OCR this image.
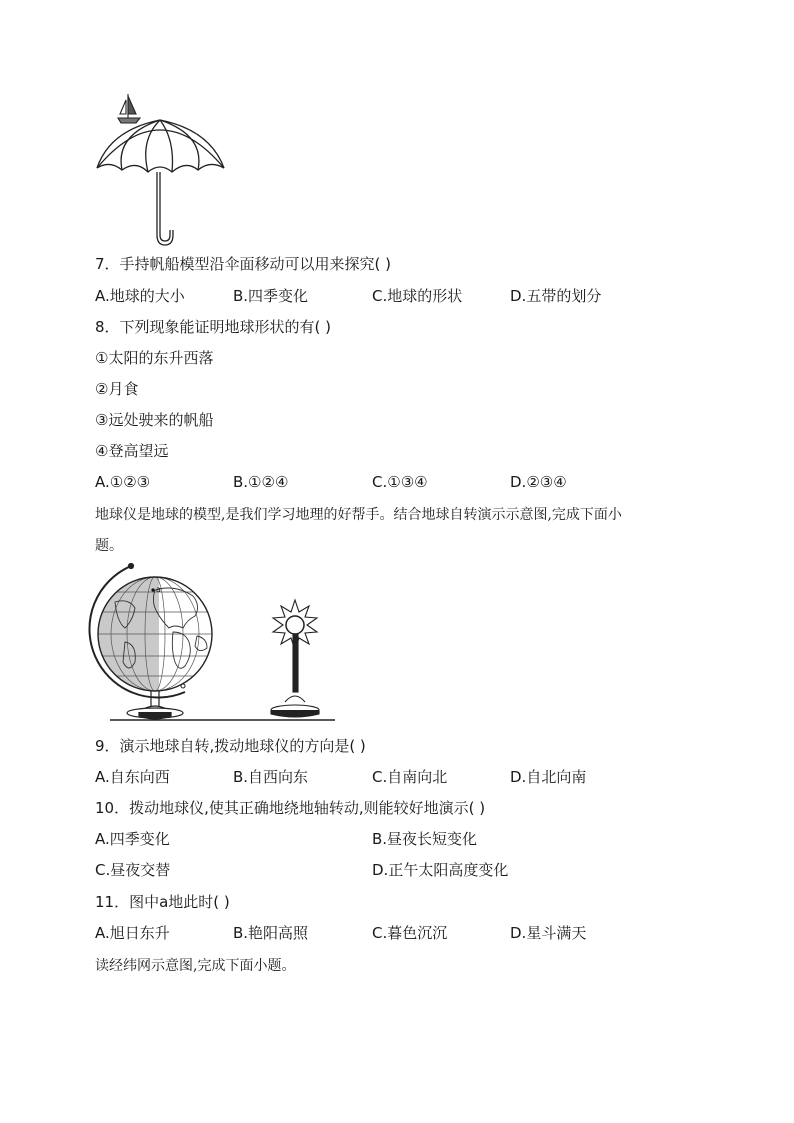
7．手持帆船模型沿伞面移动可以用来探究( )
A.地球的大小	B.四季变化	C.地球的形状	D.五带的划分
8．下列现象能证明地球形状的有( )
①太阳的东升西落
②月食
③远处驶来的帆船
④登高望远
A.①②③	B.①②④	C.①③④	D.②③④
地球仪是地球的模型,是我们学习地理的好帮手。结合地球自转演示示意图,完成下面小
题。
a
9．演示地球自转,拨动地球仪的方向是( )
A.自东向西	B.自西向东	C.自南向北	D.自北向南
10．拨动地球仪,使其正确地绕地轴转动,则能较好地演示( )
A.四季变化	B.昼夜长短变化
C.昼夜交替	D.正午太阳高度变化
11．图中a地此时( )
A.旭日东升	B.艳阳高照	C.暮色沉沉	D.星斗满天
读经纬网示意图,完成下面小题。
